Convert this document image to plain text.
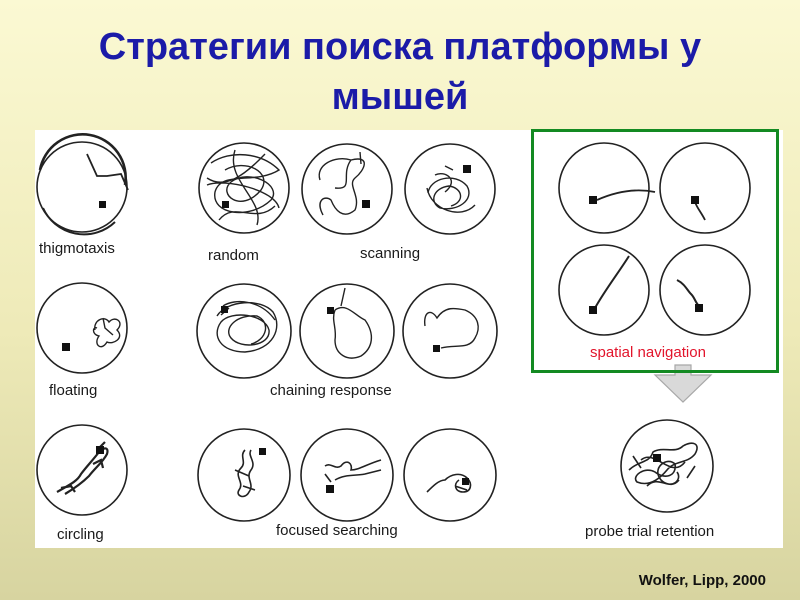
Стратегии поиска платформы у мышей
thigmotaxis	random	scanning
floating	chaining response
circling	focused searching
spatial navigation
probe trial retention
Wolfer, Lipp, 2000
